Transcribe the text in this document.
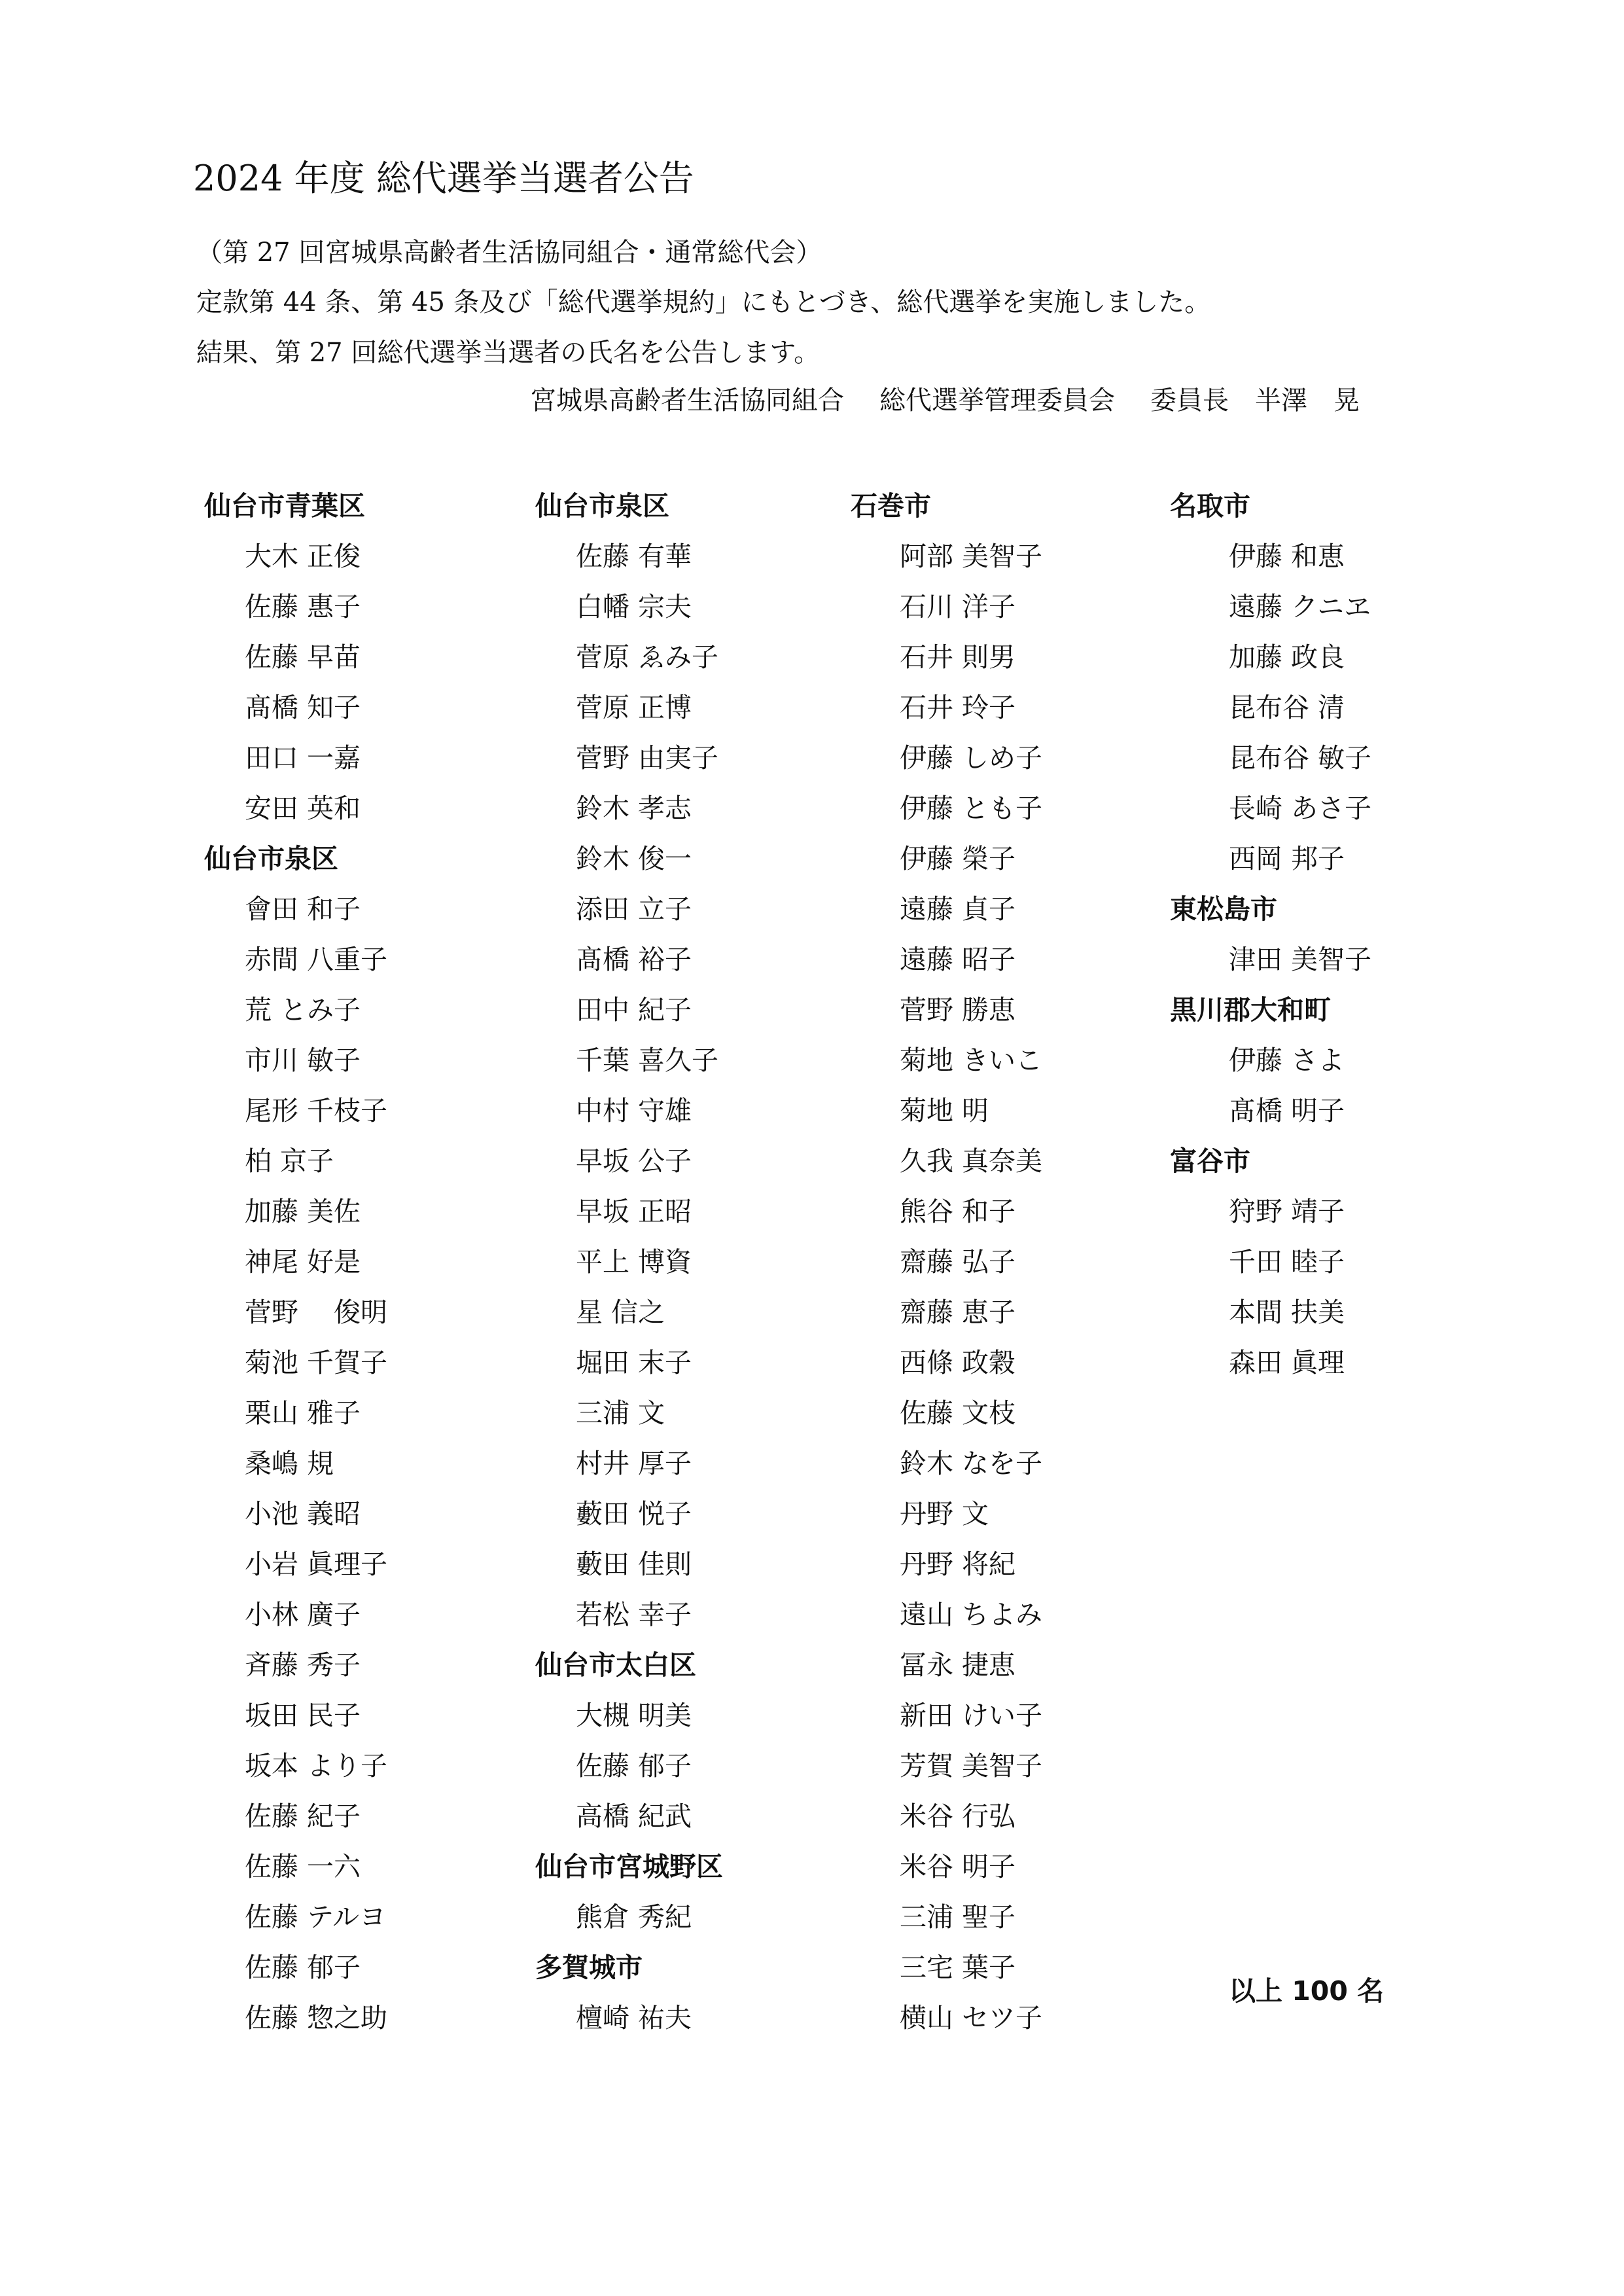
2024 年度 総代選挙当選者公告
（第 27 回宮城県高齢者生活協同組合・通常総代会）
定款第 44 条、第 45 条及び「総代選挙規約」にもとづき、総代選挙を実施しました。
結果、第 27 回総代選挙当選者の氏名を公告します。
宮城県高齢者生活協同組合 総代選挙管理委員会 委員長　半澤　晃
仙台市青葉区
大木 正俊
佐藤 惠子
佐藤 早苗
髙橋 知子
田口 一嘉
安田 英和
仙台市泉区
會田 和子
赤間 八重子
荒 とみ子
市川 敏子
尾形 千枝子
柏 京子
加藤 美佐
神尾 好是
菅野　 俊明
菊池 千賀子
栗山 雅子
桑嶋 規
小池 義昭
小岩 眞理子
小林 廣子
斉藤 秀子
坂田 民子
坂本 より子
佐藤 紀子
佐藤 一六
佐藤 テルヨ
佐藤 郁子
佐藤 惣之助
仙台市泉区
佐藤 有華
白幡 宗夫
菅原 ゑみ子
菅原 正博
菅野 由実子
鈴木 孝志
鈴木 俊一
添田 立子
髙橋 裕子
田中 紀子
千葉 喜久子
中村 守雄
早坂 公子
早坂 正昭
平上 博資
星 信之
堀田 末子
三浦 文
村井 厚子
藪田 悦子
藪田 佳則
若松 幸子
仙台市太白区
大槻 明美
佐藤 郁子
高橋 紀武
仙台市宮城野区
熊倉 秀紀
多賀城市
檀崎 祐夫
石巻市
阿部 美智子
石川 洋子
石井 則男
石井 玲子
伊藤 しめ子
伊藤 とも子
伊藤 榮子
遠藤 貞子
遠藤 昭子
菅野 勝恵
菊地 きいこ
菊地 明
久我 真奈美
熊谷 和子
齋藤 弘子
齋藤 恵子
西條 政穀
佐藤 文枝
鈴木 なを子
丹野 文
丹野 将紀
遠山 ちよみ
冨永 捷恵
新田 けい子
芳賀 美智子
米谷 行弘
米谷 明子
三浦 聖子
三宅 葉子
横山 セツ子
名取市
伊藤 和恵
遠藤 クニヱ
加藤 政良
昆布谷 清
昆布谷 敏子
長崎 あさ子
西岡 邦子
東松島市
津田 美智子
黒川郡大和町
伊藤 さよ
髙橋 明子
富谷市
狩野 靖子
千田 睦子
本間 扶美
森田 眞理
以上 100 名
